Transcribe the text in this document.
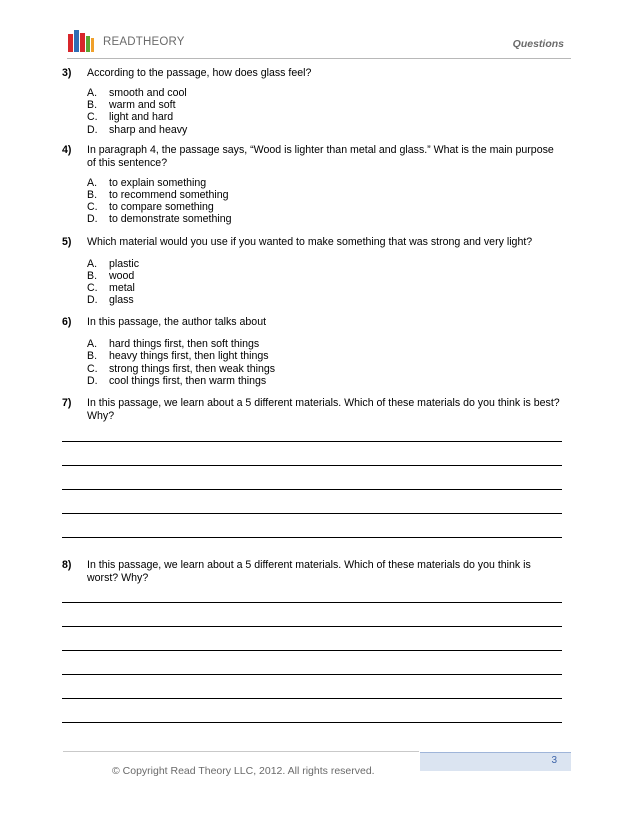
READTHEORY	Questions
3) According to the passage, how does glass feel?

A. smooth and cool
B. warm and soft
C. light and hard
D. sharp and heavy
4) In paragraph 4, the passage says, “Wood is lighter than metal and glass.” What is the main purpose of this sentence?

A. to explain something
B. to recommend something
C. to compare something
D. to demonstrate something
5) Which material would you use if you wanted to make something that was strong and very light?

A. plastic
B. wood
C. metal
D. glass
6) In this passage, the author talks about

A. hard things first, then soft things
B. heavy things first, then light things
C. strong things first, then weak things
D. cool things first, then warm things
7) In this passage, we learn about a 5 different materials. Which of these materials do you think is best? Why?

8) In this passage, we learn about a 5 different materials. Which of these materials do you think is worst? Why?

© Copyright Read Theory LLC, 2012. All rights reserved.
3
